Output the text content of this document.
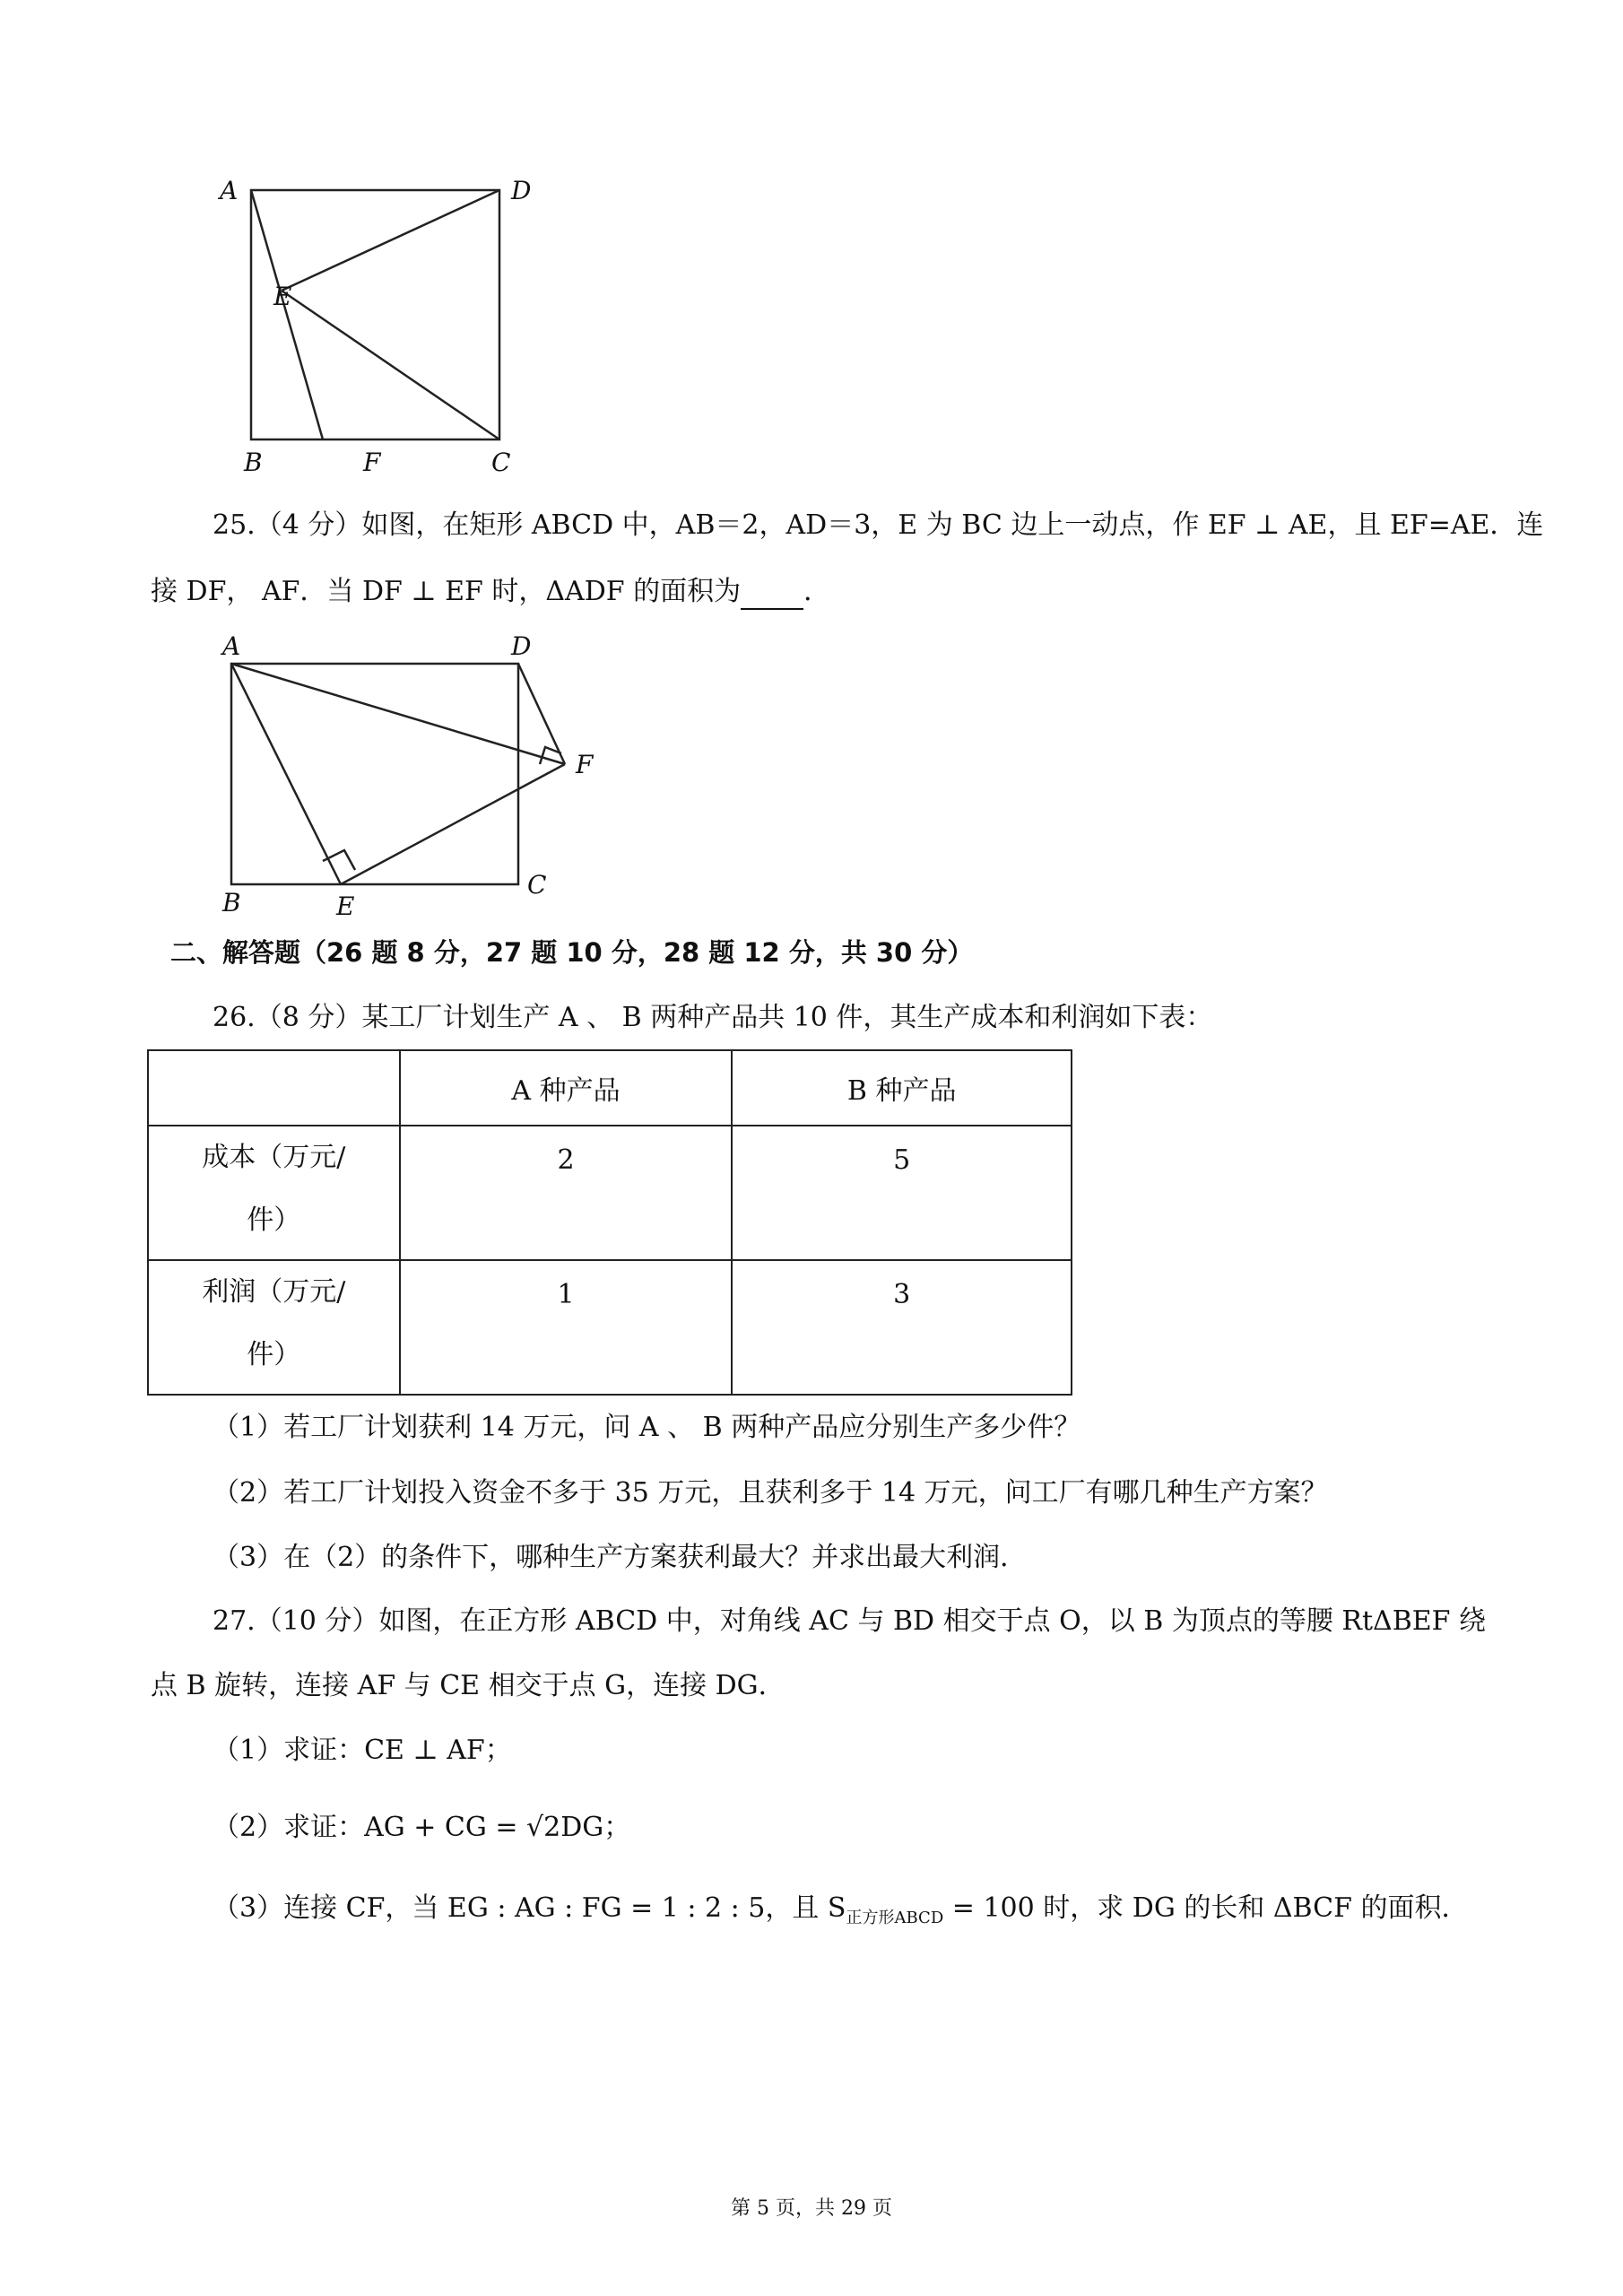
A	D
E
B	F	C
25.（4 分）如图，在矩形 ABCD 中，AB＝2，AD＝3，E 为 BC 边上一动点，作 EF ⊥ AE，且 EF=AE．连
接 DF， AF．当 DF ⊥ EF 时，ΔADF 的面积为 ．
A	D
F
B	E
C
二、解答题（26 题 8 分，27 题 10 分，28 题 12 分，共 30 分）
26.（8 分）某工厂计划生产 A 、 B 两种产品共 10 件，其生产成本和利润如下表：
	A 种产品	B 种产品

成本（万元/
件）	2	5

利润（万元/
件）	1	3
（1）若工厂计划获利 14 万元，问 A 、 B 两种产品应分别生产多少件？
（2）若工厂计划投入资金不多于 35 万元，且获利多于 14 万元，问工厂有哪几种生产方案？
（3）在（2）的条件下，哪种生产方案获利最大？并求出最大利润．
27.（10 分）如图，在正方形 ABCD 中，对角线 AC 与 BD 相交于点 O，以 B 为顶点的等腰 RtΔBEF 绕
点 B 旋转，连接 AF 与 CE 相交于点 G，连接 DG．
（1）求证：CE ⊥ AF；
（2）求证：AG + CG = √2DG；
（3）连接 CF，当 EG : AG : FG = 1 : 2 : 5，且 $S_{正方形ABCD} = 100$ 时，求 DG 的长和 ΔBCF 的面积．
第 5 页，共 29 页
